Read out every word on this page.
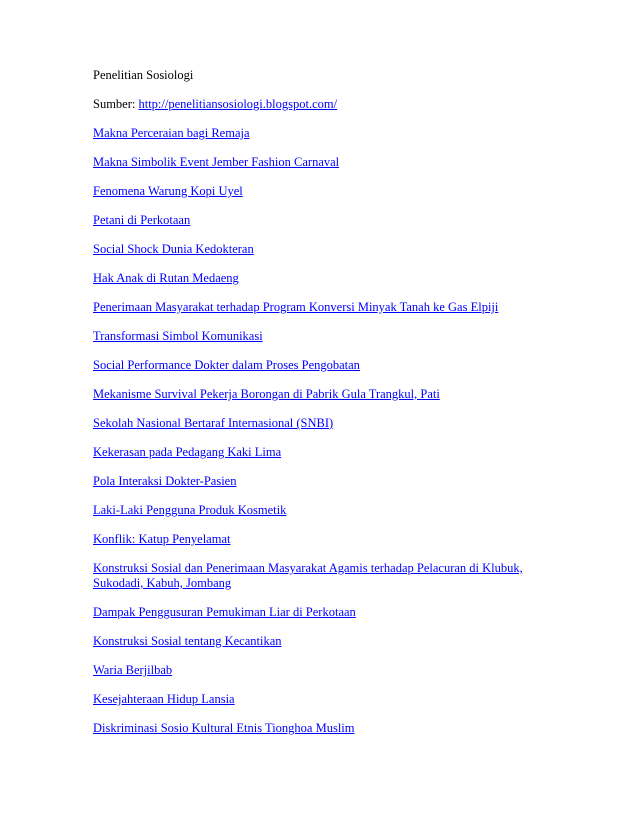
Penelitian Sosiologi
Sumber: http://penelitiansosiologi.blogspot.com/
Makna Perceraian bagi Remaja
Makna Simbolik Event Jember Fashion Carnaval
Fenomena Warung Kopi Uyel
Petani di Perkotaan
Social Shock Dunia Kedokteran
Hak Anak di Rutan Medaeng
Penerimaan Masyarakat terhadap Program Konversi Minyak Tanah ke Gas Elpiji
Transformasi Simbol Komunikasi
Social Performance Dokter dalam Proses Pengobatan
Mekanisme Survival Pekerja Borongan di Pabrik Gula Trangkul, Pati
Sekolah Nasional Bertaraf Internasional (SNBI)
Kekerasan pada Pedagang Kaki Lima
Pola Interaksi Dokter-Pasien
Laki-Laki Pengguna Produk Kosmetik
Konflik: Katup Penyelamat
Konstruksi Sosial dan Penerimaan Masyarakat Agamis terhadap Pelacuran di Klubuk, Sukodadi, Kabuh, Jombang
Dampak Penggusuran Pemukiman Liar di Perkotaan
Konstruksi Sosial tentang Kecantikan
Waria Berjilbab
Kesejahteraan Hidup Lansia
Diskriminasi Sosio Kultural Etnis Tionghoa Muslim
